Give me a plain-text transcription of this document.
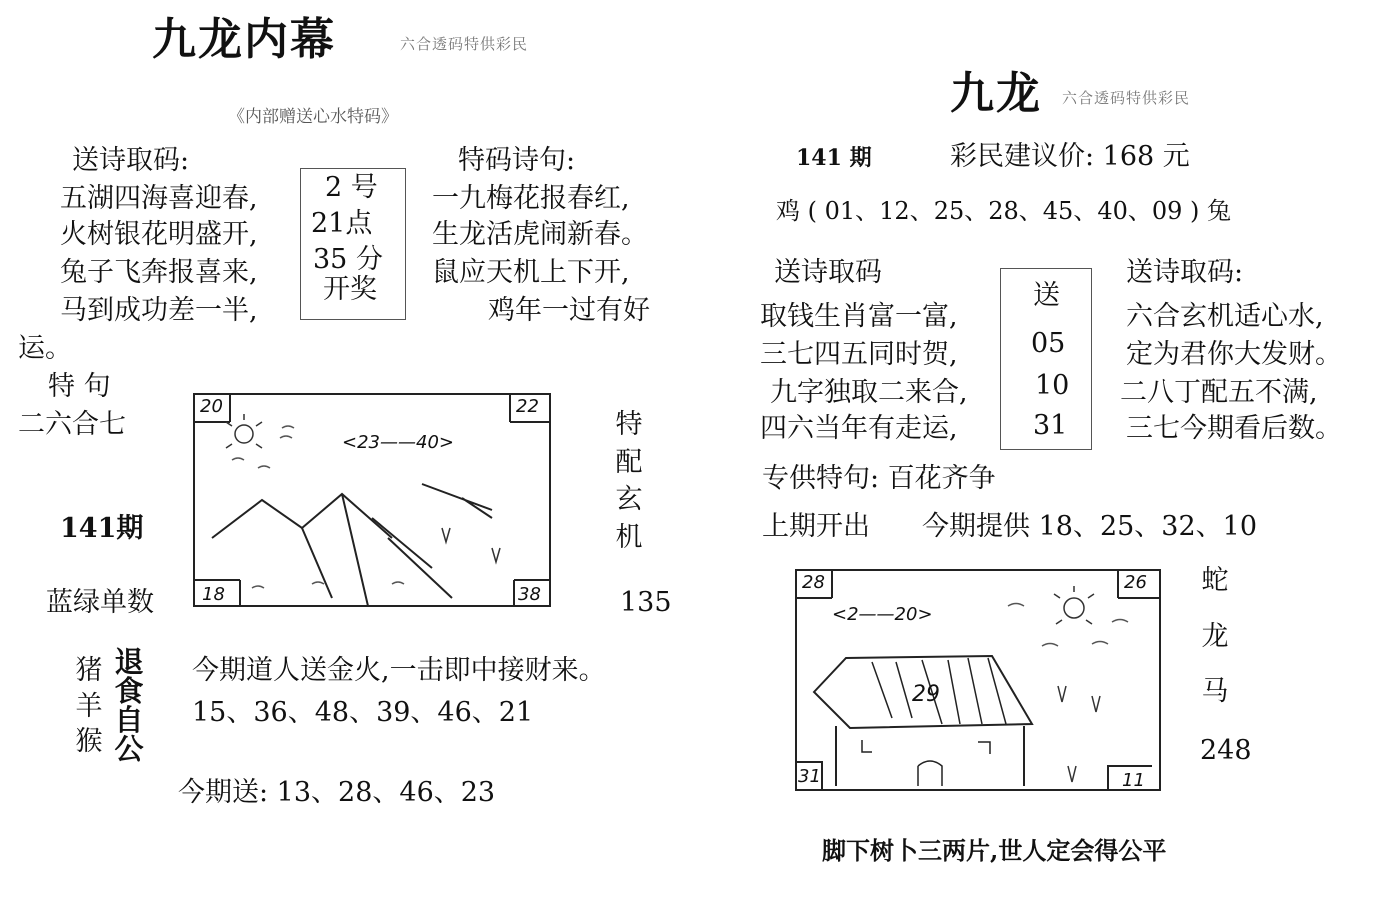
九龙内幕	六合透码特供彩民
《内部赠送心水特码》
送诗取码:
五湖四海喜迎春,
火树银花明盛开,
兔子飞奔报喜来,
马到成功差一半,
2 号
21点
35 分
开奖
特码诗句:
一九梅花报春红,
生龙活虎闹新春。
鼠应天机上下开,
鸡年一过有好
运。
特 句
二六合七
141期
蓝绿单数
20	22
18	38
<23——40>
特
配
玄
机
135
猪
羊
猴
退
食
自
公
今期道人送金火,一击即中接财来。
15、36、48、39、46、21
今期送: 13、28、46、23
九龙 六合透码特供彩民
141 期	彩民建议价: 168 元
鸡 ( 01、12、25、28、45、40、09 ) 兔
送诗取码
取钱生肖富一富,
三七四五同时贺,
九字独取二来合,
四六当年有走运,
送
05
10
31
送诗取码:
六合玄机适心水,
定为君你大发财。
二八丁配五不满,
三七今期看后数。
专供特句: 百花齐争
上期开出 今期提供 18、25、32、10
28	26
31	11
<2——20>
29
蛇
龙
马
248
脚下树卜三两片,世人定会得公平
